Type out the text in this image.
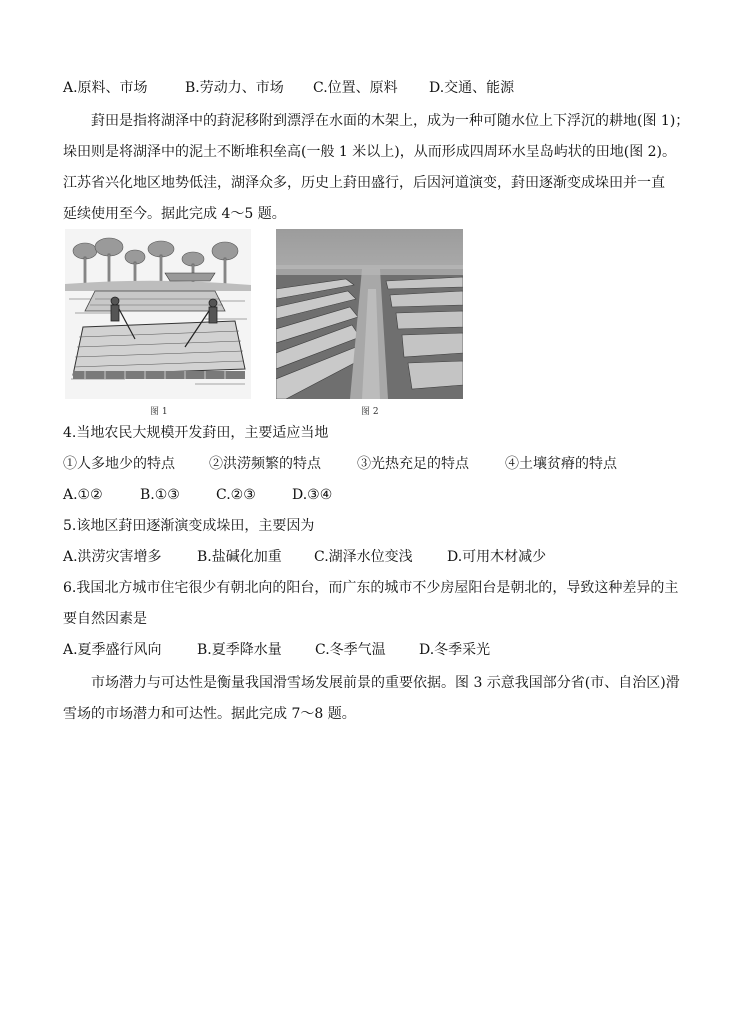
A.原料、市场	B.劳动力、市场 C.位置、原料 D.交通、能源
葑田是指将湖泽中的葑泥移附到漂浮在水面的木架上，成为一种可随水位上下浮沉的耕地(图 1)；
垛田则是将湖泽中的泥土不断堆积垒高(一般 1 米以上)，从而形成四周环水呈岛屿状的田地(图 2)。
江苏省兴化地区地势低洼，湖泽众多，历史上葑田盛行，后因河道演变，葑田逐渐变成垛田并一直
延续使用至今。据此完成 4～5 题。
图 1	图 2
4.当地农民大规模开发葑田，主要适应当地
①人多地少的特点 ②洪涝频繁的特点	③光热充足的特点	④土壤贫瘠的特点
A.①②	B.①③	C.②③	D.③④
5.该地区葑田逐渐演变成垛田，主要因为
A.洪涝灾害增多	B.盐碱化加重 C.湖泽水位变浅 D.可用木材减少
6.我国北方城市住宅很少有朝北向的阳台，而广东的城市不少房屋阳台是朝北的，导致这种差异的主
要自然因素是
A.夏季盛行风向	B.夏季降水量 C.冬季气温 D.冬季采光
市场潜力与可达性是衡量我国滑雪场发展前景的重要依据。图 3 示意我国部分省(市、自治区)滑
雪场的市场潜力和可达性。据此完成 7～8 题。
